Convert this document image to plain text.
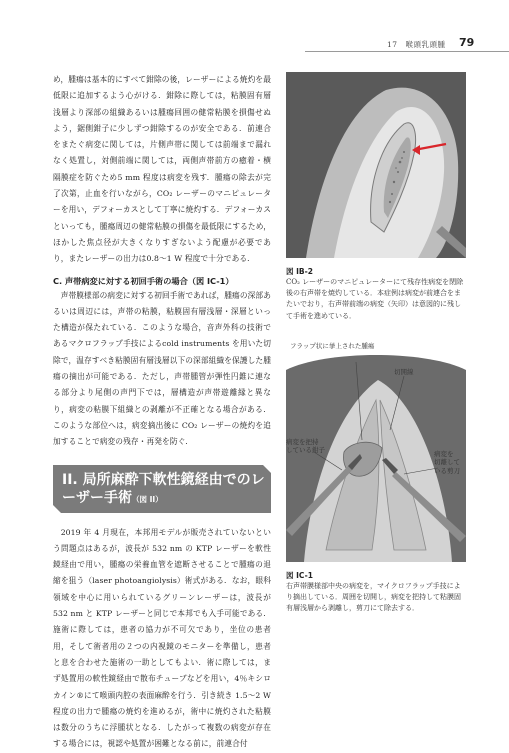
17　喉頭乳頭腫 79

め，腫瘍は基本的にすべて鉗除の後，レーザーによる焼灼を最低限に追加するよう心がける．鉗除に際しては，粘膜固有層浅層より深部の組織あるいは腫瘍回囲の健常粘膜を損傷せぬよう，鋸側鉗子に少しずつ鉗除するのが安全である．前連合をまたぐ病変に関しては，片側声帯に関しては前端まで漏れなく処置し，対側前端に関しては，両側声帯前方の癒着・横隔膜症を防ぐため5 mm 程度は病変を残す．腫瘍の除去が完了次第，止血を行いながら，CO₂ レーザーのマニピュレーターを用い，デフォーカスとして丁寧に焼灼する．デフォーカスといっても，腫瘍周辺の健常粘膜の損傷を最低限にするため，ほかした焦点径が大きくなりすぎないよう配慮が必要であり，またレーザーの出力は0.8〜1 W 程度で十分である．

C. 声帯病変に対する初回手術の場合（図 IC-1）

声帯膜様部の病変に対する初回手術であれば，腫瘍の深部あるいは周辺には，声帯の粘膜，粘膜固有層浅層・深層といった構造が保たれている．このような場合，音声外科の技術であるマクロフラップ手技によるcold instruments を用いた切除で，温存すべき粘膜固有層浅層以下の深部組織を保護した腫瘍の摘出が可能である．ただし，声帯腫管が弾性円錐に連なる部分より尾側の声門下では，層構造が声帯遊離縁と異なり，病変の粘膜下組織との剥離が不正確となる場合がある．このような部位へは，病変摘出後に CO₂ レーザーの焼灼を追加することで病変の残存・再発を防ぐ．

II. 局所麻酔下軟性鏡経由でのレーザー手術（図 II）

2019 年 4 月現在，本邦用モデルが販売されていないという問題点はあるが，波長が 532 nm の KTP レーザーを軟性鏡経由で用い，腫瘍の栄養血管を遮断させることで腫瘍の退縮を狙う（laser photoangiolysis）術式がある．なお，眼科領域を中心に用いられているグリーンレーザーは，波長が 532 nm と KTP レーザーと同じで本邦でも入手可能である．施術に際しては，患者の協力が不可欠であり，坐位の患者用，そして術者用の２つの内視鏡のモニターを準備し，患者と息を合わせた施術の一助としてもよい．術に際しては，まず処置用の軟性鏡経由で散布チューブなどを用い，4％キシロカイン®にて喉頭内腔の表面麻酔を行う．引き続き 1.5〜2 W 程度の出力で腫瘍の焼灼を進めるが，術中に焼灼された粘膜は数分のうちに浮腫状となる．したがって複数の病変が存在する場合には，視認や処置が困難となる前に，前連合付

図 IB-2
CO₂ レーザーのマニピュレーターにて残存性病変を閉除後の右声帯を焼灼している．本症例は病変が前連合をまたいでおり，右声帯前端の病変（矢印）は意図的に残して手術を進めている．
フラップ状に挙上された腫瘍
切開線
病変を把持
している鉗子	病変を
切離して
いる剪刀
図 IC-1
右声帯膜様部中央の病変を，マイクロフラップ手技により摘出している．周囲を切開し，病変を把持して粘膜固有層浅層から剥離し，剪刀にて除去する．
